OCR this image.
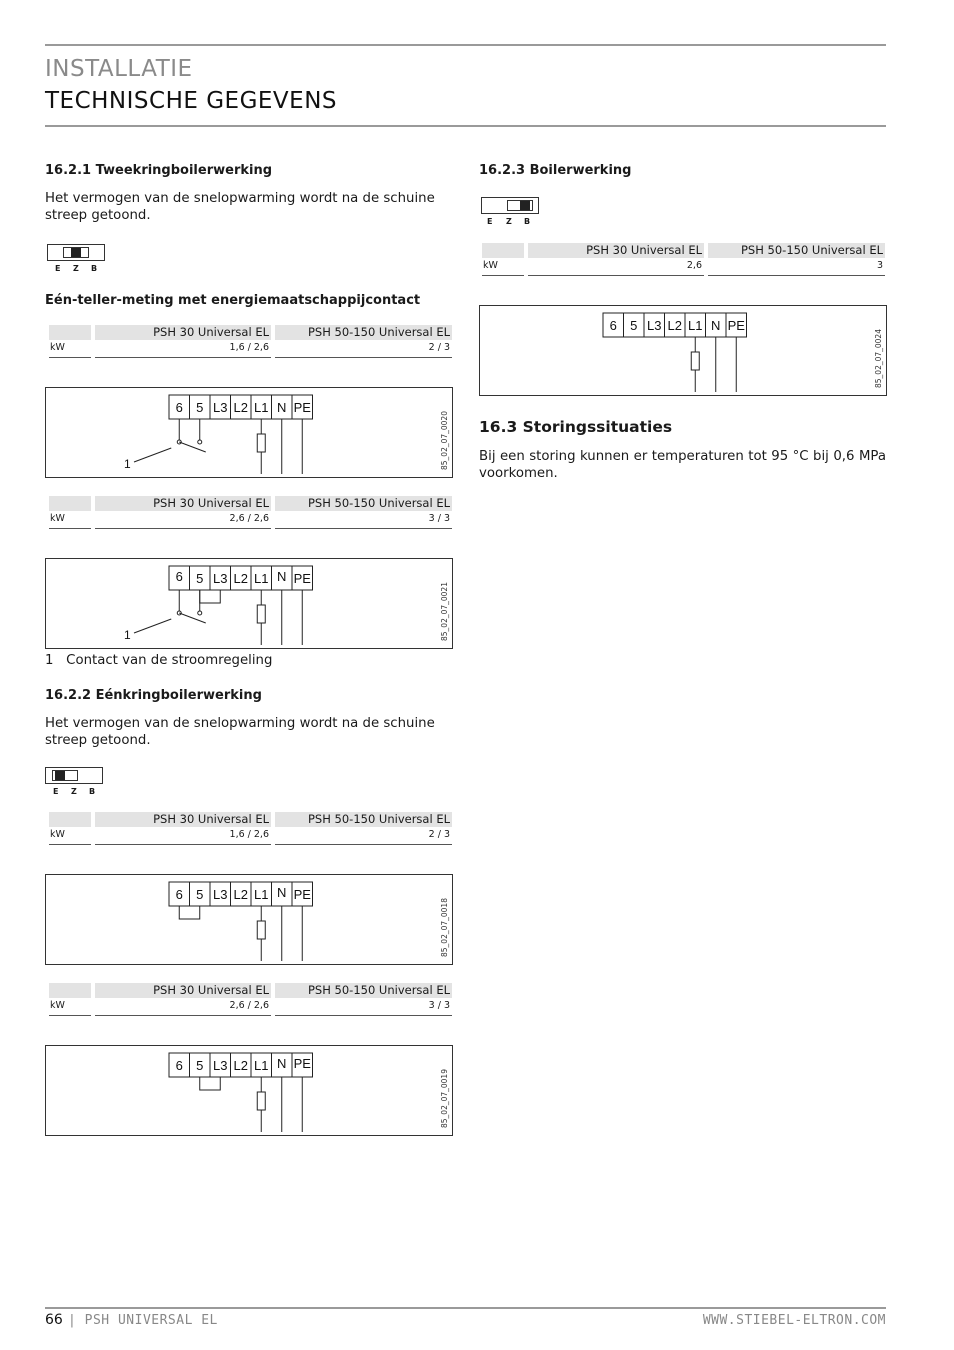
INSTALLATIE
TECHNISCHE GEGEVENS
16.2.1 Tweekringboilerwerking
Het vermogen van de snelopwarming wordt na de schuine streep getoond.
E Z B
Eén-teller-meting met energiemaatschappijcontact
PSH 30 Universal EL	PSH 50-150 Universal EL
kW	1,6 / 2,6	2 / 3
6 5 L3 L2 L1 N PE
1	85_02_07_0020
PSH 30 Universal EL	PSH 50-150 Universal EL
kW	2,6 / 2,6	3 / 3
6 5 L3 L2 L1 N PE
1	85_02_07_0021
1 Contact van de stroomregeling
16.2.2 Eénkringboilerwerking
Het vermogen van de snelopwarming wordt na de schuine streep getoond.
E Z B
PSH 30 Universal EL	PSH 50-150 Universal EL
kW	1,6 / 2,6	2 / 3
6 5 L3 L2 L1 N PE
85_02_07_0018
PSH 30 Universal EL	PSH 50-150 Universal EL
kW	2,6 / 2,6	3 / 3
6 5 L3 L2 L1 N PE
85_02_07_0019
16.2.3 Boilerwerking
E Z B
PSH 30 Universal EL	PSH 50-150 Universal EL
kW	2,6	3
6 5 L3 L2 L1 N PE
85_02_07_0024
16.3 Storingssituaties
Bij een storing kunnen er temperaturen tot 95 °C bij 0,6 MPa voorkomen.
66 | PSH UNIVERSAL EL	WWW.STIEBEL-ELTRON.COM
